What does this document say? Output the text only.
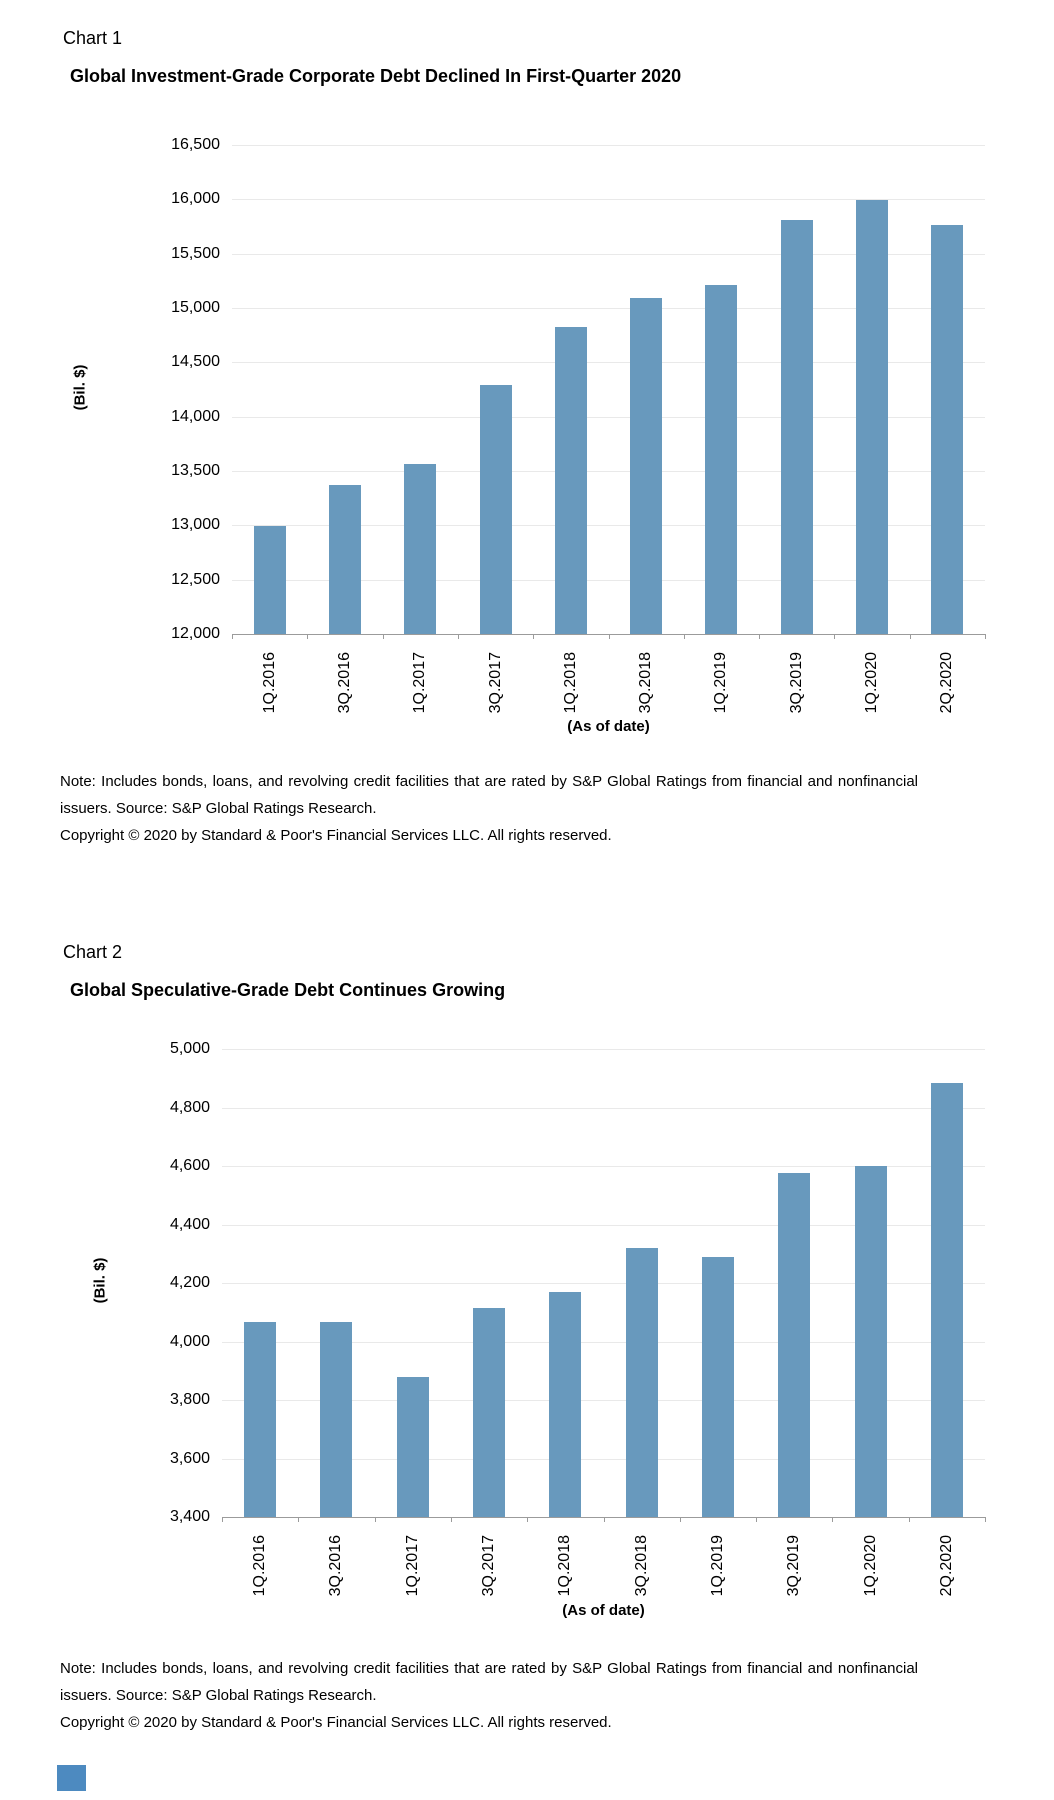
Chart 1
Global Investment-Grade Corporate Debt Declined In First-Quarter 2020
(Bil. $)
12,000
12,500
13,000
13,500
14,000
14,500
15,000
15,500
16,000
16,500
1Q.2016	3Q.2016	1Q.2017	3Q.2017	1Q.2018	3Q.2018	1Q.2019	3Q.2019	1Q.2020	2Q.2020
(As of date)

Note: Includes bonds, loans, and revolving credit facilities that are rated by S&P Global Ratings from financial and nonfinancial issuers. Source: S&P Global Ratings Research.

Copyright © 2020 by Standard & Poor's Financial Services LLC. All rights reserved.

Chart 2
Global Speculative-Grade Debt Continues Growing
(Bil. $)
3,400
3,600
3,800
4,000
4,200
4,400
4,600
4,800
5,000
1Q.2016	3Q.2016	1Q.2017	3Q.2017	1Q.2018	3Q.2018	1Q.2019	3Q.2019	1Q.2020	2Q.2020
(As of date)

Note: Includes bonds, loans, and revolving credit facilities that are rated by S&P Global Ratings from financial and nonfinancial issuers. Source: S&P Global Ratings Research.

Copyright © 2020 by Standard & Poor's Financial Services LLC. All rights reserved.
